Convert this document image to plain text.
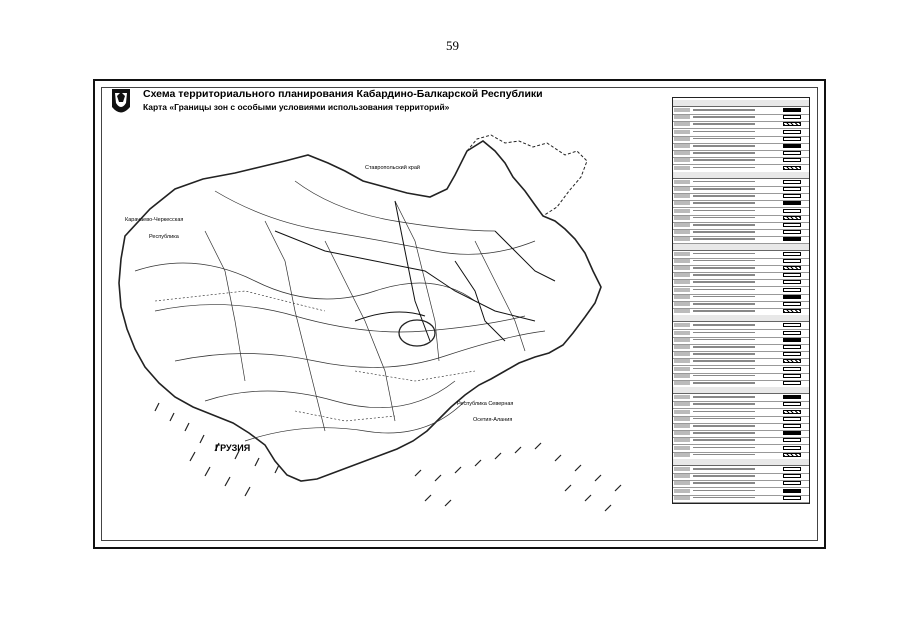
59
Схема территориального планирования Кабардино-Балкарской Республики
Карта «Границы зон с особыми условиями использования территорий»
Ставропольский край
Карачаево-Черкесская
Республика
ГРУЗИЯ
Республика Северная
Осетия-Алания
